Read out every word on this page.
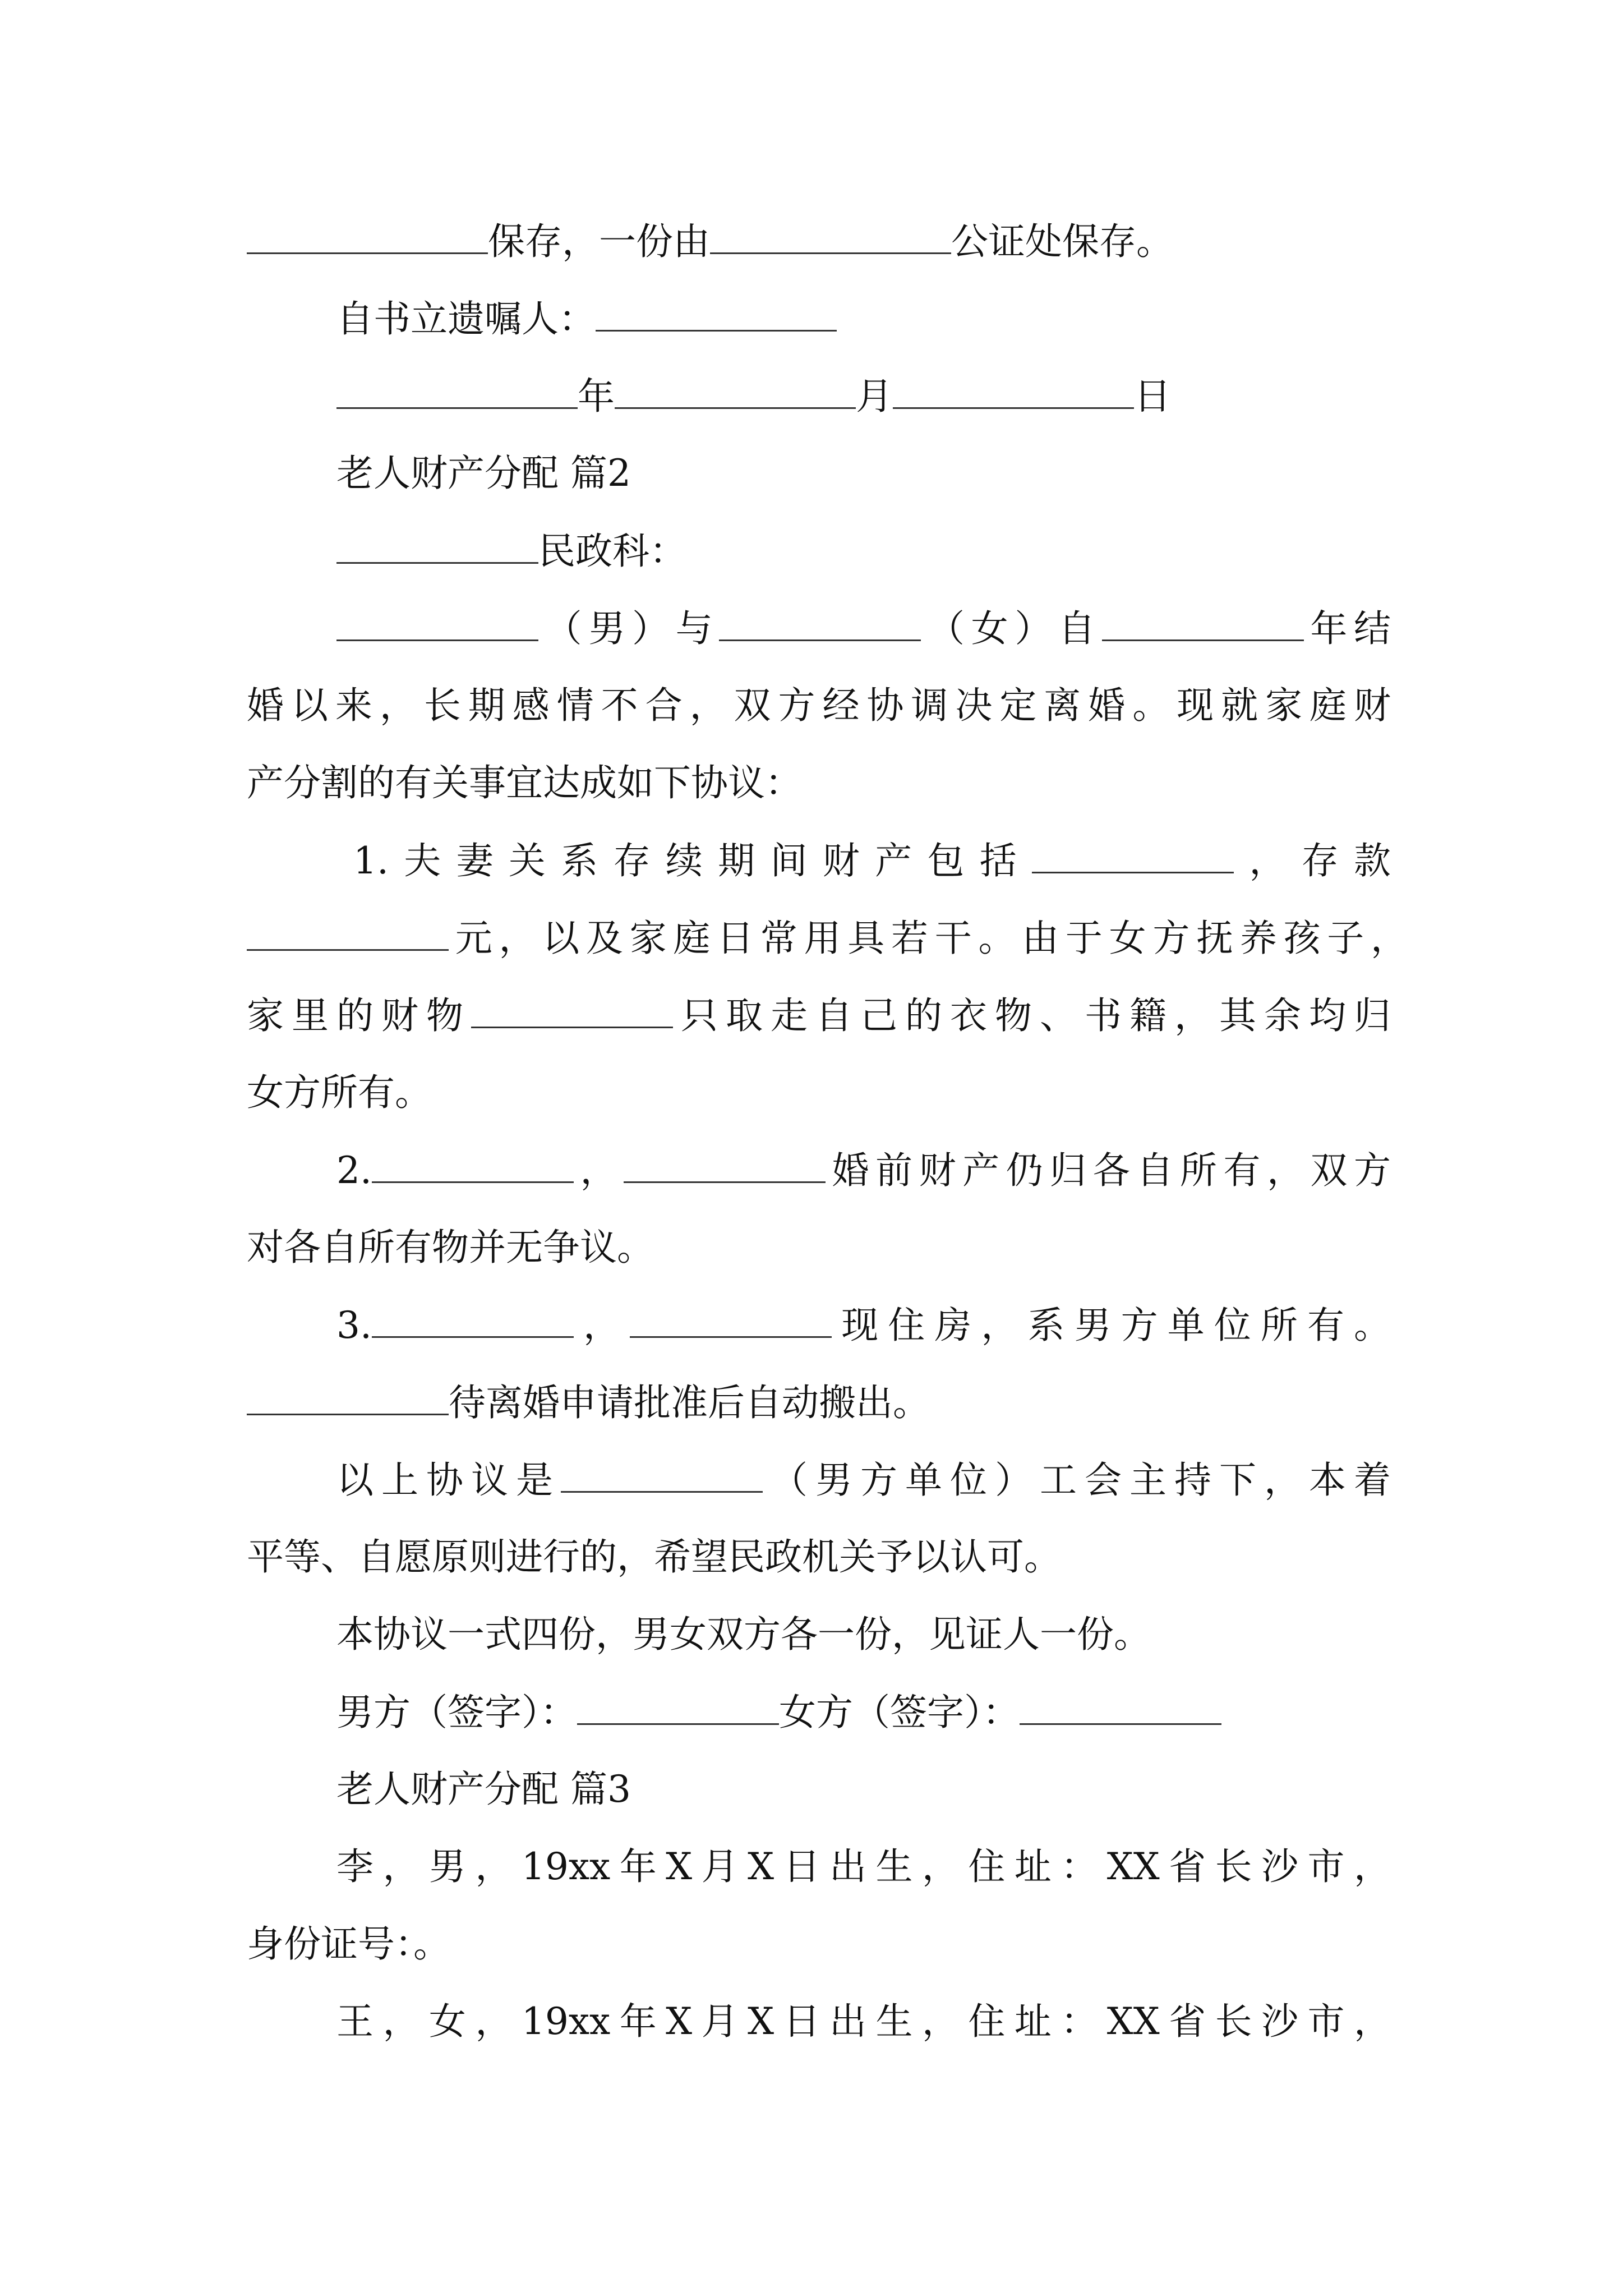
保存，一份由	公证处保存。
自书立遗嘱人：
年	月	日
老人财产分配 篇2
民政科：
（男）与	（女）自	年结
婚以来，长期感情不合，双方经协调决定离婚。现就家庭财
产分割的有关事宜达成如下协议：
1.夫妻关系存续期间财产包括	，存款
元，以及家庭日常用具若干。由于女方抚养孩子，
家里的财物	只取走自己的衣物、书籍，其余均归
女方所有。
2.	，	婚前财产仍归各自所有，双方
对各自所有物并无争议。
3.	，	现住房，系男方单位所有。
待离婚申请批准后自动搬出。
以上协议是	（男方单位）工会主持下，本着
平等、自愿原则进行的，希望民政机关予以认可。
本协议一式四份，男女双方各一份，见证人一份。
男方（签字）：	女方（签字）：
老人财产分配 篇3
李，男，19xx年X月X日出生，住址：XX省长沙市，
身份证号：。
王，女，19xx年X月X日出生，住址：XX省长沙市，
